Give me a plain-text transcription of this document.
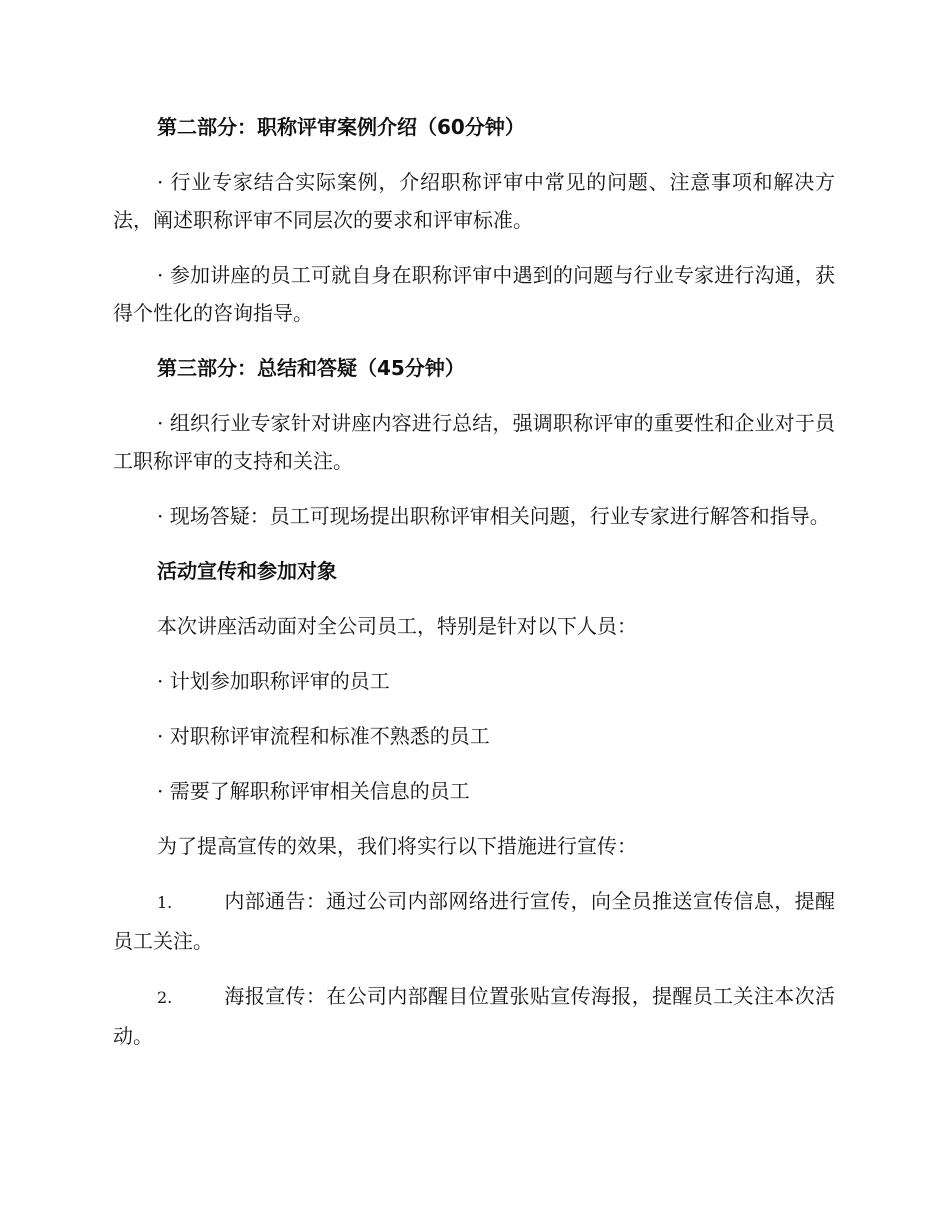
第二部分：职称评审案例介绍（60分钟）
· 行业专家结合实际案例，介绍职称评审中常见的问题、注意事项和解决方法，阐述职称评审不同层次的要求和评审标准。
· 参加讲座的员工可就自身在职称评审中遇到的问题与行业专家进行沟通，获得个性化的咨询指导。
第三部分：总结和答疑（45分钟）
· 组织行业专家针对讲座内容进行总结，强调职称评审的重要性和企业对于员工职称评审的支持和关注。
· 现场答疑：员工可现场提出职称评审相关问题，行业专家进行解答和指导。
活动宣传和参加对象
本次讲座活动面对全公司员工，特别是针对以下人员：
· 计划参加职称评审的员工
· 对职称评审流程和标准不熟悉的员工
· 需要了解职称评审相关信息的员工
为了提高宣传的效果，我们将实行以下措施进行宣传：
1.	内部通告：通过公司内部网络进行宣传，向全员推送宣传信息，提醒员工关注。
2.	海报宣传：在公司内部醒目位置张贴宣传海报，提醒员工关注本次活动。
